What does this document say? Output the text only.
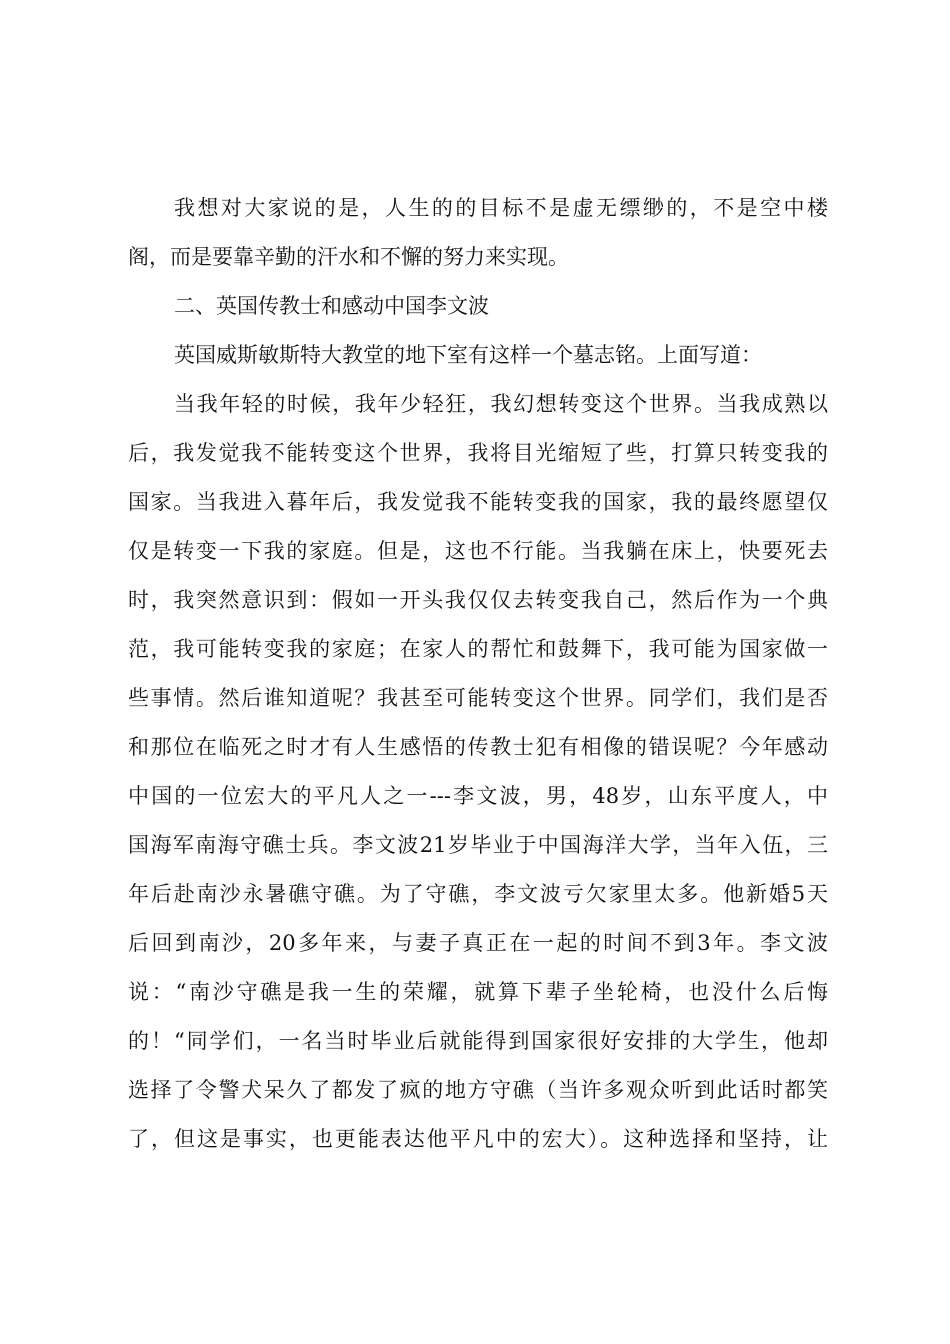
我想对大家说的是，人生的的目标不是虚无缥缈的，不是空中楼
阁，而是要靠辛勤的汗水和不懈的努力来实现。
二、英国传教士和感动中国李文波
英国威斯敏斯特大教堂的地下室有这样一个墓志铭。上面写道：
当我年轻的时候，我年少轻狂，我幻想转变这个世界。当我成熟以
后，我发觉我不能转变这个世界，我将目光缩短了些，打算只转变我的
国家。当我进入暮年后，我发觉我不能转变我的国家，我的最终愿望仅
仅是转变一下我的家庭。但是，这也不行能。当我躺在床上，快要死去
时，我突然意识到：假如一开头我仅仅去转变我自己，然后作为一个典
范，我可能转变我的家庭；在家人的帮忙和鼓舞下，我可能为国家做一
些事情。然后谁知道呢？我甚至可能转变这个世界。同学们，我们是否
和那位在临死之时才有人生感悟的传教士犯有相像的错误呢？今年感动
中国的一位宏大的平凡人之一---李文波，男，48岁，山东平度人，中
国海军南海守礁士兵。李文波21岁毕业于中国海洋大学，当年入伍，三
年后赴南沙永暑礁守礁。为了守礁，李文波亏欠家里太多。他新婚5天
后回到南沙，20多年来，与妻子真正在一起的时间不到3年。李文波
说：“南沙守礁是我一生的荣耀，就算下辈子坐轮椅，也没什么后悔
的！“同学们，一名当时毕业后就能得到国家很好安排的大学生，他却
选择了令警犬呆久了都发了疯的地方守礁（当许多观众听到此话时都笑
了，但这是事实，也更能表达他平凡中的宏大）。这种选择和坚持，让
